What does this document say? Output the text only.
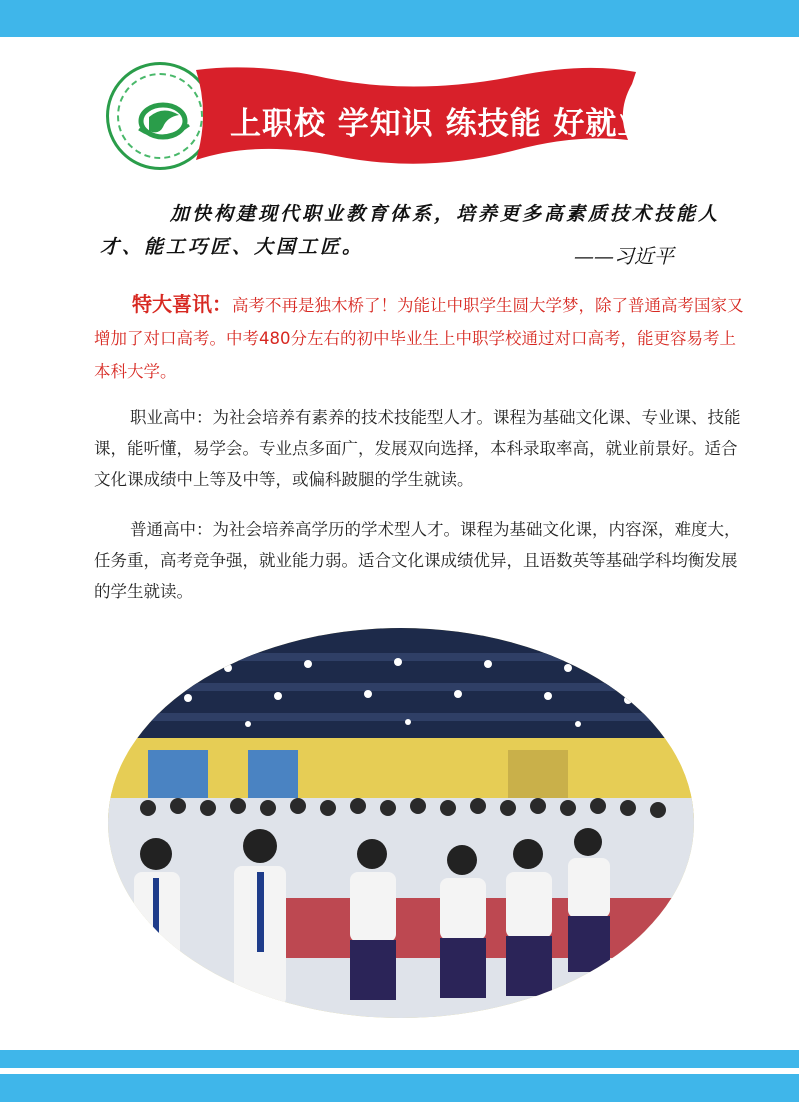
上职校 学知识 练技能 好就业
加快构建现代职业教育体系，培养更多高素质技术技能人才、能工巧匠、大国工匠。	——习近平
特大喜讯：高考不再是独木桥了！为能让中职学生圆大学梦，除了普通高考国家又增加了对口高考。中考480分左右的初中毕业生上中职学校通过对口高考，能更容易考上本科大学。
职业高中：为社会培养有素养的技术技能型人才。课程为基础文化课、专业课、技能课，能听懂，易学会。专业点多面广，发展双向选择，本科录取率高，就业前景好。适合文化课成绩中上等及中等，或偏科跛腿的学生就读。
普通高中：为社会培养高学历的学术型人才。课程为基础文化课，内容深，难度大，任务重，高考竞争强，就业能力弱。适合文化课成绩优异，且语数英等基础学科均衡发展的学生就读。
